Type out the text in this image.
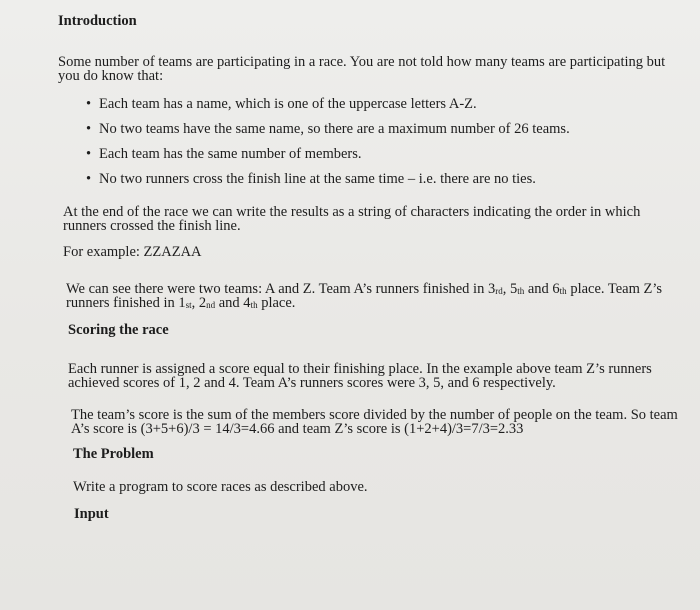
Introduction
Some number of teams are participating in a race. You are not told how many teams are participating but
you do know that:
• Each team has a name, which is one of the uppercase letters A-Z.
• No two teams have the same name, so there are a maximum number of 26 teams.
• Each team has the same number of members.
• No two runners cross the finish line at the same time – i.e. there are no ties.
At the end of the race we can write the results as a string of characters indicating the order in which
runners crossed the finish line.
For example: ZZAZAA
We can see there were two teams: A and Z. Team A’s runners finished in $3_{rd}$, $5_{th}$ and $6_{th}$ place. Team Z’s
runners finished in $1_{st}$, $2_{nd}$ and $4_{th}$ place.
Scoring the race
Each runner is assigned a score equal to their finishing place. In the example above team Z’s runners
achieved scores of 1, 2 and 4. Team A’s runners scores were 3, 5, and 6 respectively.
The team’s score is the sum of the members score divided by the number of people on the team. So team
A’s score is (3+5+6)/3 = 14/3=4.66 and team Z’s score is (1+2+4)/3=7/3=2.33
The Problem
Write a program to score races as described above.
Input
